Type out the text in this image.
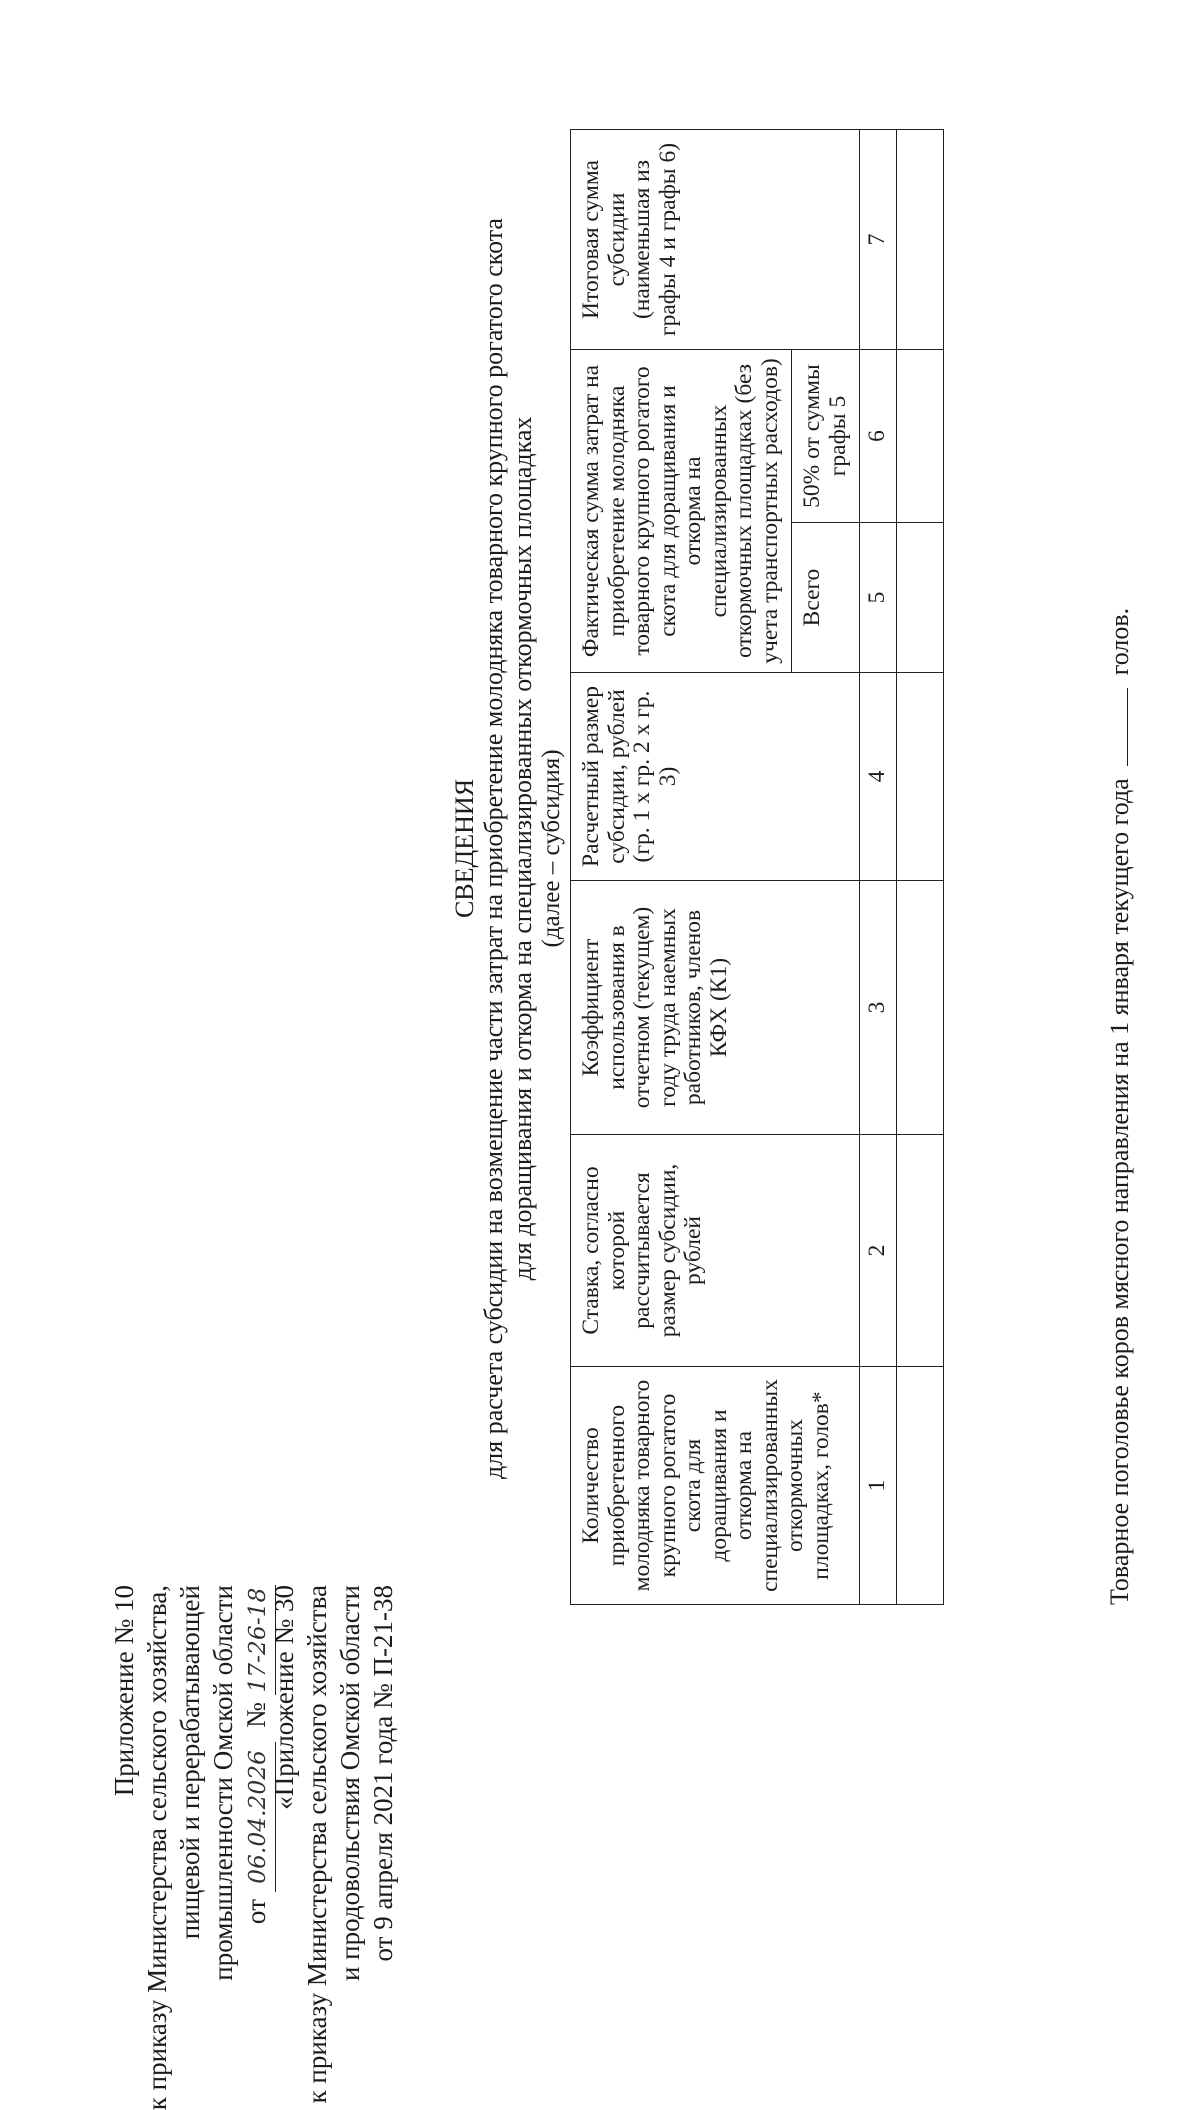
Приложение № 10 к приказу Министерства сельского хозяйства, пищевой и перерабатывающей промышленности Омской области от 06.04.2026  № 17-26-18
«Приложение № 30 к приказу Министерства сельского хозяйства и продовольствия Омской области от 9 апреля 2021 года № П-21-38
СВЕДЕНИЯ для расчета субсидии на возмещение части затрат на приобретение молодняка товарного крупного рогатого скота для доращивания и откорма на специализированных откормочных площадках (далее – субсидия)
Количество приобретенного молодняка товарного крупного рогатого скота для доращивания и откорма на специализированных откормочных площадках, голов*	Ставка, согласно которой рассчитывается размер субсидии, рублей	Коэффициент использования в отчетном (текущем) году труда наемных работников, членов КФХ (К1)	Расчетный размер субсидии, рублей (гр. 1 х гр. 2 х гр. 3)	Фактическая сумма затрат на приобретение молодняка товарного крупного рогатого скота для доращивания и откорма на специализированных откормочных площадках (без учета транспортных расходов)		Итоговая сумма субсидии (наименьшая из графы 4 и графы 6)
				Всего	50% от суммы графы 5	
1	2	3	4	5	6	7

Товарное поголовье коров мясного направления на 1 января текущего года  голов.
